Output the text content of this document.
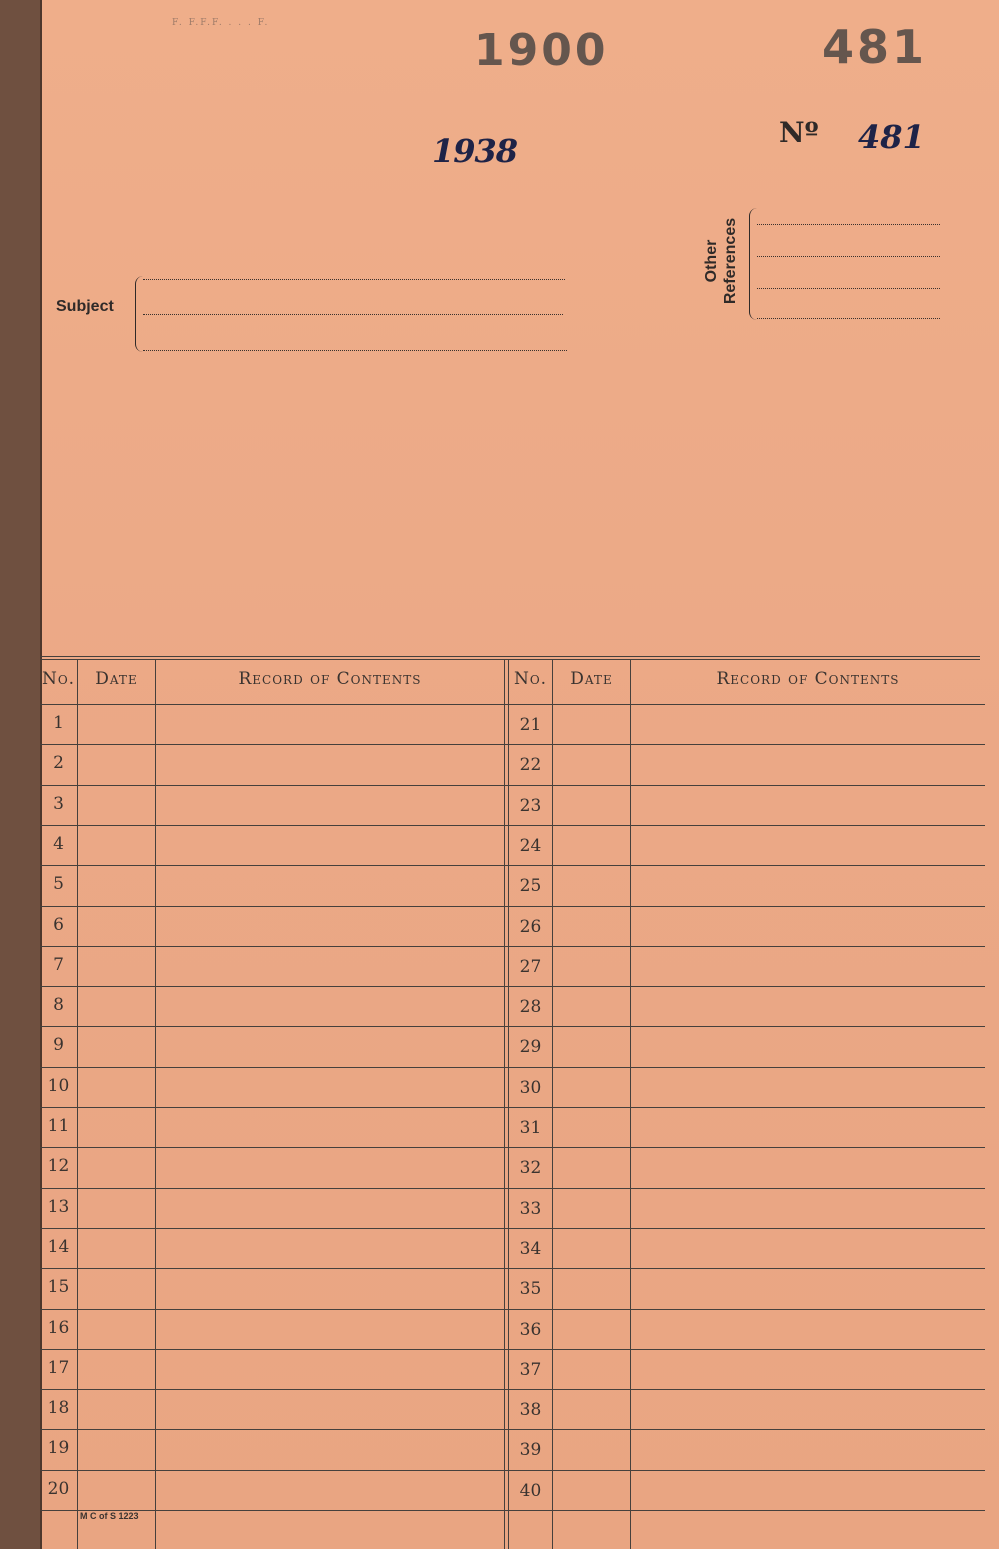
F. F.F.F. . . . F.
1900	481
1938	Nº 481
Subject
Other References
No.	Date	Record of Contents	No.	Date	Record of Contents
1	21
2	22
3	23
4	24
5	25
6	26
7	27
8	28
9	29
10	30
11	31
12	32
13	33
14	34
15	35
16	36
17	37
18	38
19	39
20	40
M C of S 1223
